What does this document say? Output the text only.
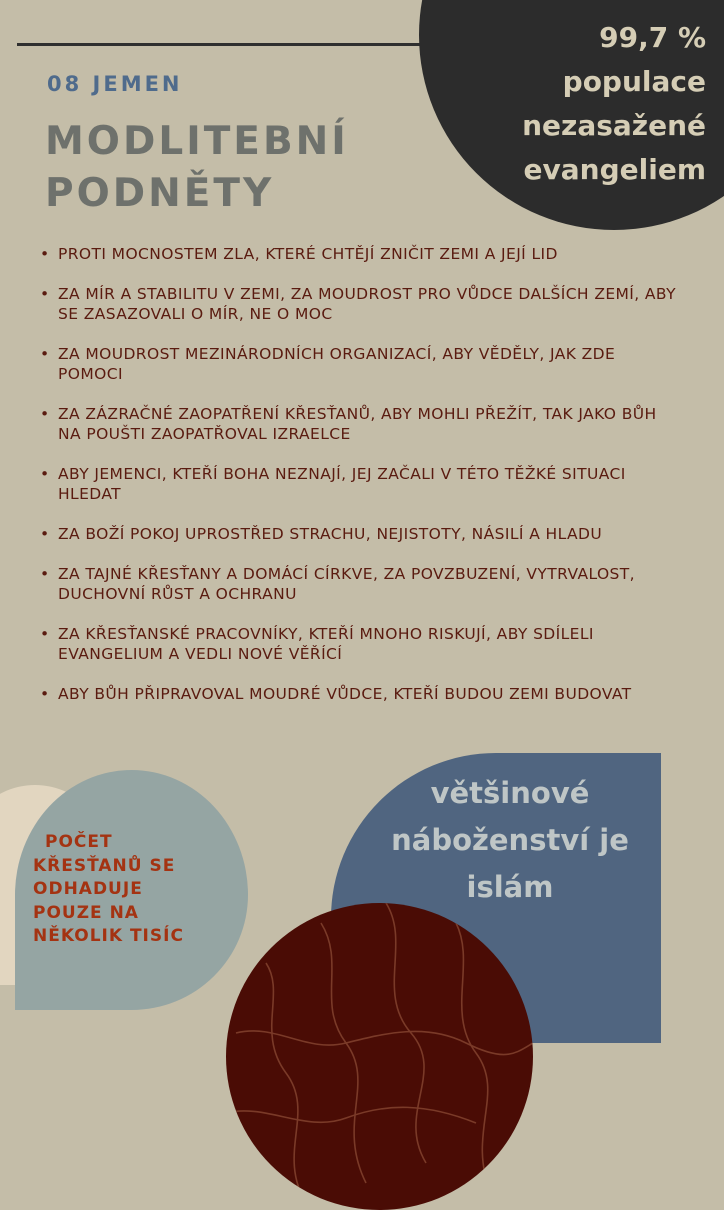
99,7 %
populace
nezasažené
evangeliem
08 JEMEN
MODLITEBNÍ
PODNĚTY
• PROTI MOCNOSTEM ZLA, KTERÉ CHTĚJÍ ZNIČIT ZEMI A JEJÍ LID
• ZA MÍR A STABILITU V ZEMI, ZA MOUDROST PRO VŮDCE DALŠÍCH ZEMÍ, ABY SE ZASAZOVALI O MÍR, NE O MOC
• ZA MOUDROST MEZINÁRODNÍCH ORGANIZACÍ, ABY VĚDĚLY, JAK ZDE POMOCI
• ZA ZÁZRAČNÉ ZAOPATŘENÍ KŘESŤANŮ, ABY MOHLI PŘEŽÍT, TAK JAKO BŮH NA POUŠTI ZAOPATŘOVAL IZRAELCE
• ABY JEMENCI, KTEŘÍ BOHA NEZNAJÍ, JEJ ZAČALI V TÉTO TĚŽKÉ SITUACI HLEDAT
• ZA BOŽÍ POKOJ UPROSTŘED STRACHU, NEJISTOTY, NÁSILÍ A HLADU
• ZA TAJNÉ KŘESŤANY A DOMÁCÍ CÍRKVE, ZA POVZBUZENÍ, VYTRVALOST, DUCHOVNÍ RŮST A OCHRANU
• ZA KŘESŤANSKÉ PRACOVNÍKY, KTEŘÍ MNOHO RISKUJÍ, ABY SDÍLELI EVANGELIUM A VEDLI NOVÉ VĚŘÍCÍ
• ABY BŮH PŘIPRAVOVAL MOUDRÉ VŮDCE, KTEŘÍ BUDOU ZEMI BUDOVAT
POČET
KŘESŤANŮ SE
ODHADUJE
POUZE NA
NĚKOLIK TISÍC
většinové
náboženství je
islám
